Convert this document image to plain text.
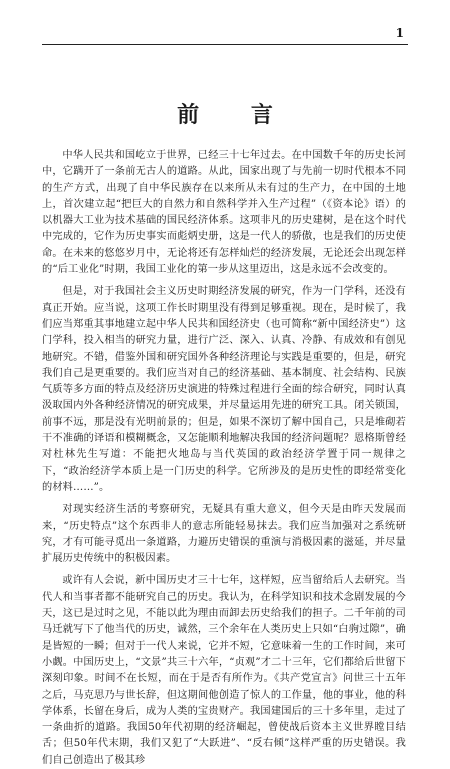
1
前 言

中华人民共和国屹立于世界，已经三十七年过去。在中国数千年的历史长河中，它蹒开了一条前无古人的道路。从此，国家出现了与先前一切时代根本不同的生产方式，出现了自中华民族存在以来所从未有过的生产力，在中国的土地上，首次建立起“把巨大的自然力和自然科学并入生产过程”（《资本论》语）的以机器大工业为技术基础的国民经济体系。这项非凡的历史建树，是在这个时代中完成的，它作为历史事实而彪炳史册，这是一代人的骄傲，也是我们的历史使命。在未来的悠悠岁月中，无论将还有怎样灿烂的经济发展，无论还会出现怎样的“后工业化”时期，我国工业化的第一步从这里迈出，这是永远不会改变的。

但是，对于我国社会主义历史时期经济发展的研究，作为一门学科，还没有真正开始。应当说，这项工作长时期里没有得到足够重视。现在，是时候了，我们应当郑重其事地建立起中华人民共和国经济史（也可简称“新中国经济史”）这门学科，投入相当的研究力量，进行广泛、深入、认真、冷静、有成效和有创见地研究。不错，借鉴外国和研究国外各种经济理论与实践是重要的，但是，研究我们自己是更重要的。我们应当对自己的经济基础、基本制度、社会结构、民族气质等多方面的特点及经济历史演进的特殊过程进行全面的综合研究，同时认真汲取国内外各种经济情况的研究成果，并尽量运用先进的研究工具。闭关锁国，前事不远，那是没有光明前景的；但是，如果不深切了解中国自己，只是堆砌若干不准确的译语和模糊概念，又怎能顺利地解决我国的经济问题呢？恩格斯曾经对杜林先生写道：不能把火地岛与当代英国的政治经济学置于同一规律之下，“政治经济学本质上是一门历史的科学。它所涉及的是历史性的即经常变化的材料……”。

对现实经济生活的考察研究，无疑具有重大意义，但今天是由昨天发展而来，“历史特点”这个东西非人的意志所能轻易抹去。我们应当加强对之系统研究，才有可能寻觅出一条道路，力避历史错误的重演与消极因素的滋延，并尽量扩展历史传统中的积极因素。

或许有人会说，新中国历史才三十七年，这样短，应当留给后人去研究。当代人和当事者都不能研究自己的历史。我认为，在科学知识和技术念剧发展的今天，这已是过时之见，不能以此为理由而卸去历史给我们的担子。二千年前的司马迁就写下了他当代的历史，诚然，三个余年在人类历史上只如“白驹过隙”，确是皆短的一瞬；但对于一代人来说，它并不短，它意味着一生的工作时间，来可小觑。中国历史上，“文景”共三十六年，“贞观”才二十三年，它们都给后世留下深刻印象。时间不在长短，而在于是否有所作为。《共产党宣言》问世三十五年之后，马克思乃与世长辞，但这期间他创造了惊人的工作量，他的事业，他的科学体系，长留在身后，成为人类的宝贵财产。我国建国后的三十多年里，走过了一条曲折的道路。我国50年代初期的经济崛起，曾使战后资本主义世界瞠目结舌；但50年代末期，我们又犯了“大跃进”、“反右倾”这样严重的历史错误。我们自己创造出了极其珍
